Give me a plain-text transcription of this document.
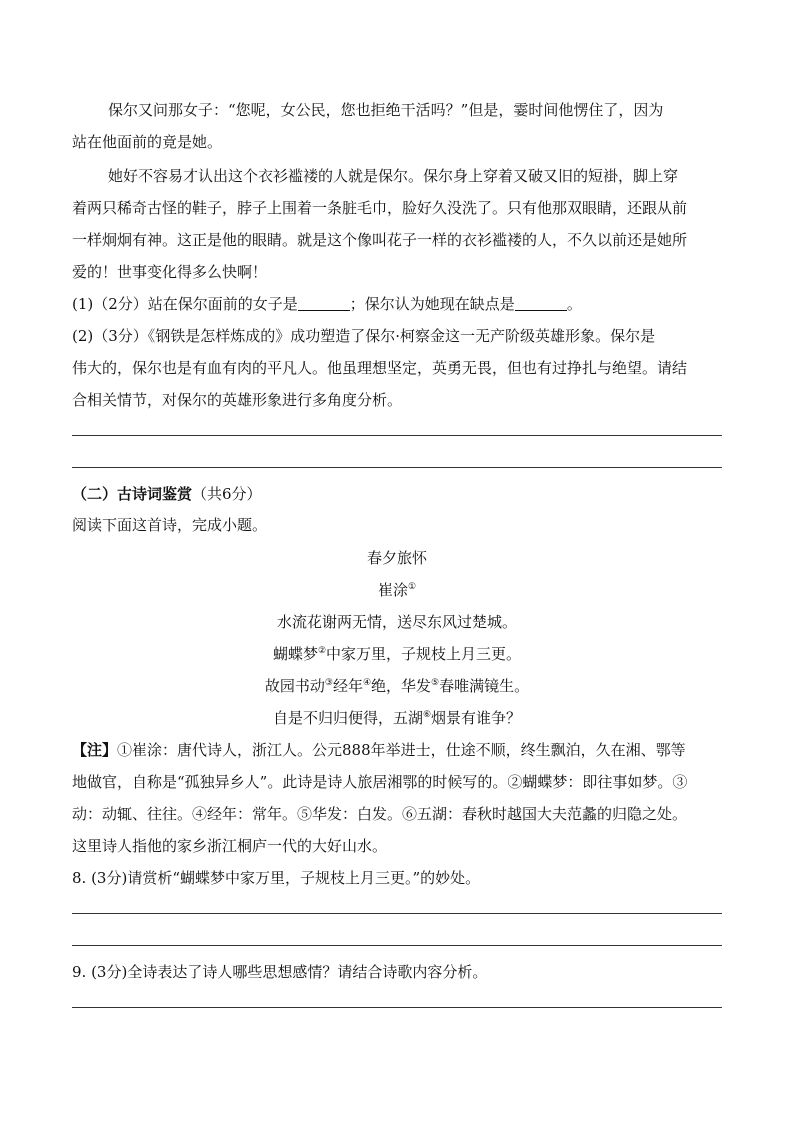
保尔又问那女子：“您呢，女公民，您也拒绝干活吗？”但是，霎时间他愣住了，因为
站在他面前的竟是她。
她好不容易才认出这个衣衫褴褛的人就是保尔。保尔身上穿着又破又旧的短褂，脚上穿
着两只稀奇古怪的鞋子，脖子上围着一条脏毛巾，脸好久没洗了。只有他那双眼睛，还跟从前
一样炯炯有神。这正是他的眼睛。就是这个像叫花子一样的衣衫褴褛的人，不久以前还是她所
爱的！世事变化得多么快啊！
(1)（2分）站在保尔面前的女子是	；保尔认为她现在缺点是	。
(2)（3分）《钢铁是怎样炼成的》成功塑造了保尔·柯察金这一无产阶级英雄形象。保尔是
伟大的，保尔也是有血有肉的平凡人。他虽理想坚定，英勇无畏，但也有过挣扎与绝望。请结
合相关情节，对保尔的英雄形象进行多角度分析。
（二）古诗词鉴赏（共6分）
阅读下面这首诗，完成小题。
春夕旅怀
崔涂①
水流花谢两无情，送尽东风过楚城。
蝴蝶梦②中家万里，子规枝上月三更。
故园书动③经年④绝，华发⑤春唯满镜生。
自是不归归便得，五湖⑥烟景有谁争？
【注】①崔涂：唐代诗人，浙江人。公元888年举进士，仕途不顺，终生飘泊，久在湘、鄂等
地做官，自称是“孤独异乡人”。此诗是诗人旅居湘鄂的时候写的。②蝴蝶梦：即往事如梦。③
动：动辄、往往。④经年：常年。⑤华发：白发。⑥五湖：春秋时越国大夫范蠡的归隐之处。
这里诗人指他的家乡浙江桐庐一代的大好山水。
8. (3分)请赏析“蝴蝶梦中家万里，子规枝上月三更。”的妙处。
9. (3分)全诗表达了诗人哪些思想感情？请结合诗歌内容分析。
